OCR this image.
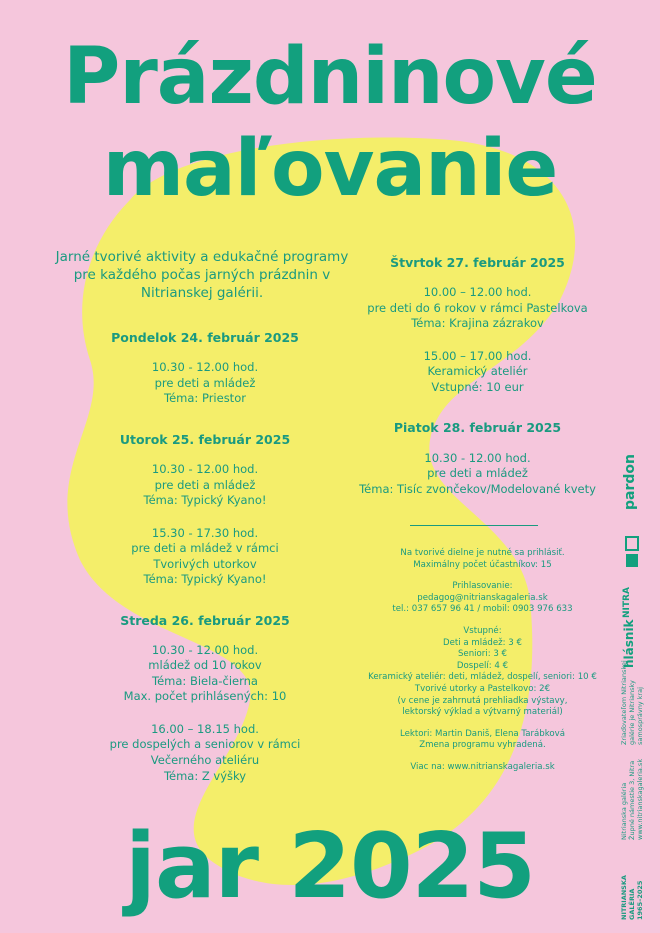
Prázdninové
maľovanie
Jarné tvorivé aktivity a edukačné programy pre každého počas jarných prázdnin v Nitrianskej galérii.

Pondelok 24. február 2025

10.30 - 12.00 hod.

pre deti a mládež

Téma: Priestor

Utorok 25. február 2025

10.30 - 12.00 hod.

pre deti a mládež

Téma: Typický Kyano!

15.30 - 17.30 hod.

pre deti a mládež v rámci

Tvorivých utorkov

Téma: Typický Kyano!

Streda 26. február 2025

10.30 - 12.00 hod.

mládež od 10 rokov

Téma: Biela-čierna

Max. počet prihlásených: 10

16.00 – 18.15 hod.

pre dospelých a seniorov v rámci

Večerného ateliéru

Téma: Z výšky

Štvrtok 27. február 2025

10.00 – 12.00 hod.

pre deti do 6 rokov v rámci Pastelkova

Téma: Krajina zázrakov

15.00 – 17.00 hod.

Keramický ateliér

Vstupné: 10 eur

Piatok 28. február 2025

10.30 - 12.00 hod.

pre deti a mládež

Téma: Tisíc zvončekov/Modelované kvety

Na tvorivé dielne je nutné sa prihlásiť.

Maximálny počet účastníkov: 15

Prihlasovanie:

pedagog@nitrianskagaleria.sk

tel.: 037 657 96 41 / mobil: 0903 976 633

Vstupné:

Deti a mládež: 3 €

Seniori: 3 €

Dospelí: 4 €

Keramický ateliér: deti, mládež, dospelí, seniori: 10 €

Tvorivé utorky a Pastelkovo: 2€

(v cene je zahrnutá prehliadka výstavy,

lektorský výklad a výtvarný materiál)

Lektori: Martin Daniš, Elena Tarábková

Zmena programu vyhradená.

Viac na: www.nitrianskagaleria.sk

jar 2025
pardon
NITRA
hlásnik
Zriaďovateľom Nitrianskej galérie je Nitriansky samosprávny kraj
Nitrianska galéria Župné námestie 3, Nitra www.nitrianskagaleria.sk
NITRIANSKA GALÉRIA 1965–2025
